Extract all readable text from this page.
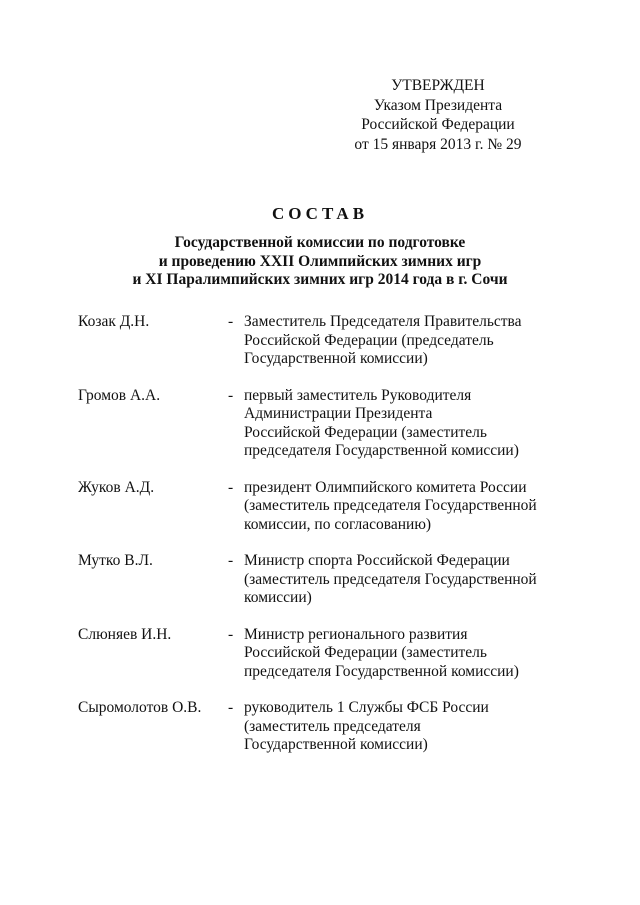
УТВЕРЖДЕН
Указом Президента
Российской Федерации
от 15 января 2013 г. № 29
СОСТАВ
Государственной комиссии по подготовке
и проведению XXII Олимпийских зимних игр
и XI Паралимпийских зимних игр 2014 года в г. Сочи
Козак Д.Н.	- Заместитель Председателя Правительства
Российской Федерации (председатель
Государственной комиссии)
Громов А.А.	- первый заместитель Руководителя
Администрации Президента
Российской Федерации (заместитель
председателя Государственной комиссии)
Жуков А.Д.	- президент Олимпийского комитета России
(заместитель председателя Государственной
комиссии, по согласованию)
Мутко В.Л.	- Министр спорта Российской Федерации
(заместитель председателя Государственной
комиссии)
Слюняев И.Н.	- Министр регионального развития
Российской Федерации (заместитель
председателя Государственной комиссии)
Сыромолотов О.В.	- руководитель 1 Службы ФСБ России
(заместитель председателя
Государственной комиссии)
